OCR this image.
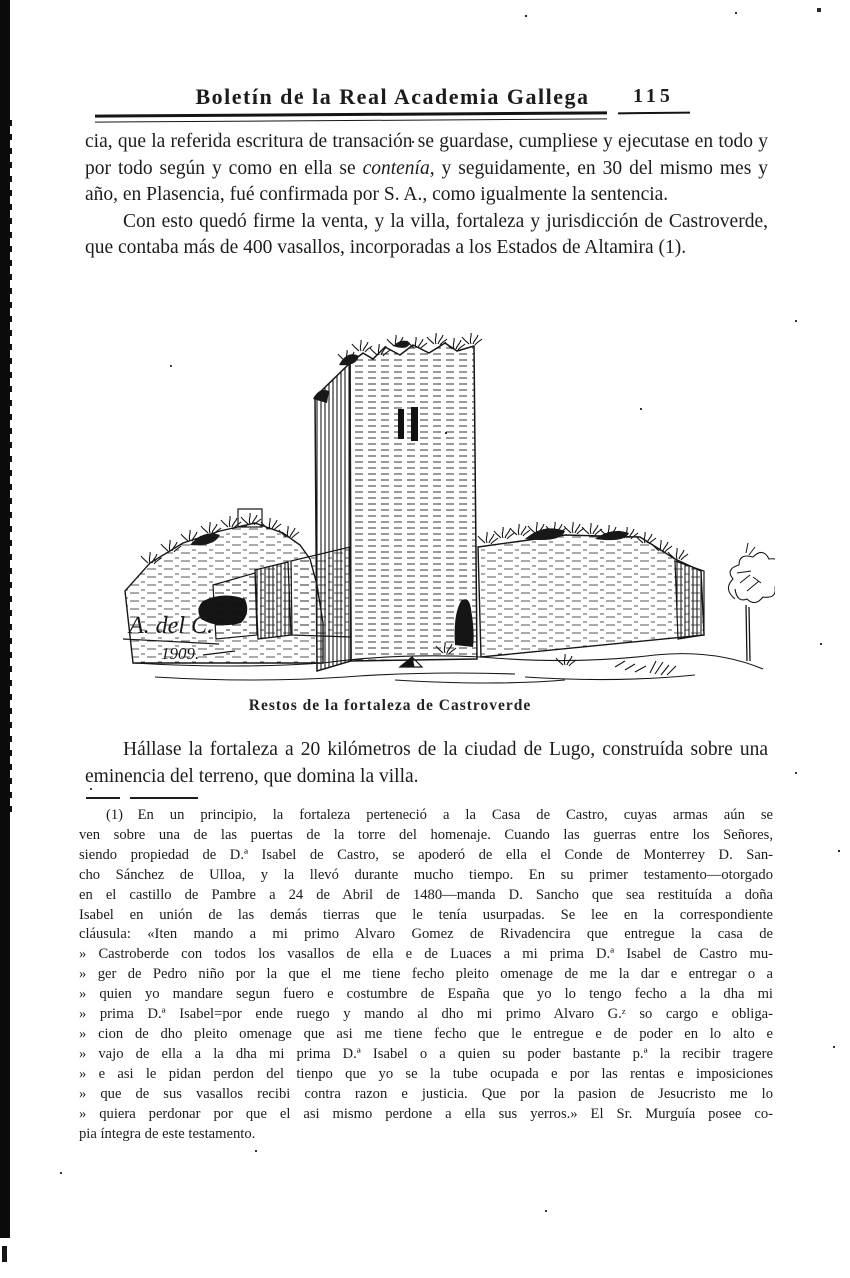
Boletín de la Real Academia Gallega 115

cia, que la referida escritura de transación se guardase, cumpliese y ejecutase en todo y por todo según y como en ella se contenía, y seguidamente, en 30 del mismo mes y año, en Plasencia, fué confirmada por S. A., como igualmente la sentencia.

Con esto quedó firme la venta, y la villa, fortaleza y jurisdicción de Castroverde, que contaba más de 400 vasallos, incorporadas a los Estados de Altamira (1).

A. del C.
1909.
Restos de la fortaleza de Castroverde

Hállase la fortaleza a 20 kilómetros de la ciudad de Lugo, construída sobre una eminencia del terreno, que domina la villa.

(1)  En un principio, la fortaleza perteneció a la Casa de Castro, cuyas armas aún se
ven sobre una de las puertas de la torre del homenaje. Cuando las guerras entre los Señores,
siendo propiedad de D.ª Isabel de Castro, se apoderó de ella el Conde de Monterrey D. San-
cho Sánchez de Ulloa, y la llevó durante mucho tiempo. En su primer testamento—otorgado
en el castillo de Pambre a 24 de Abril de 1480—manda D. Sancho que sea restituída a doña
Isabel en unión de las demás tierras que le tenía usurpadas. Se lee en la correspondiente
cláusula: «Iten mando a mi primo Alvaro Gomez de Rivadencira que entregue la casa de
» Castroberde con todos los vasallos de ella e de Luaces a mi prima D.ª Isabel de Castro mu-
» ger de Pedro niño por la que el me tiene fecho pleito omenage de me la dar e entregar o a
» quien yo mandare segun fuero e costumbre de España que yo lo tengo fecho a la dha mi
» prima D.ª Isabel=por ende ruego y mando al dho mi primo Alvaro G.ᶻ so cargo e obliga-
» cion de dho pleito omenage que asi me tiene fecho que le entregue e de poder en lo alto e
» vajo de ella a la dha mi prima D.ª Isabel o a quien su poder bastante p.ª la recibir tragere
» e asi le pidan perdon del tienpo que yo se la tube ocupada e por las rentas e imposiciones
» que de sus vasallos recibi contra razon e justicia. Que por la pasion de Jesucristo me lo
» quiera perdonar por que el asi mismo perdone a ella sus yerros.» El Sr. Murguía posee co-
pia íntegra de este testamento.
